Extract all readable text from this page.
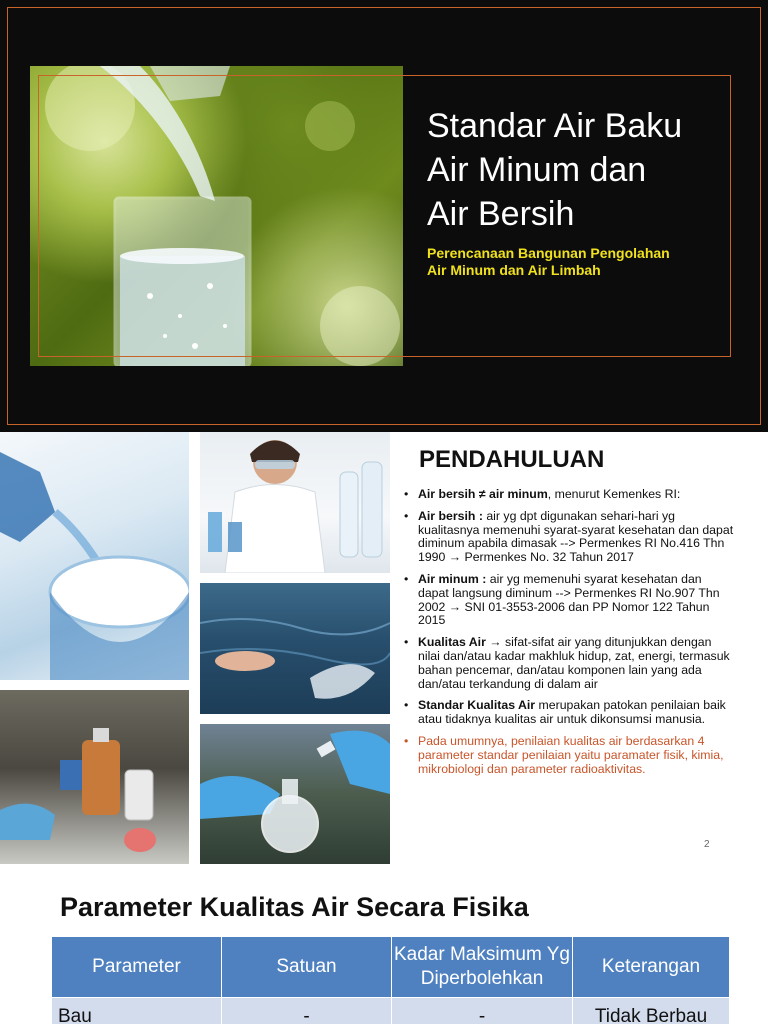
Standar Air Baku
Air Minum dan
Air Bersih
Perencanaan Bangunan Pengolahan
Air Minum dan Air Limbah
PENDAHULUAN
• Air bersih ≠ air minum, menurut Kemenkes RI:
• Air bersih : air yg dpt digunakan sehari-hari yg kualitasnya memenuhi syarat-syarat kesehatan dan dapat diminum apabila dimasak --> Permenkes RI No.416 Thn 1990 → Permenkes No. 32 Tahun 2017
• Air minum : air yg memenuhi syarat kesehatan dan dapat langsung diminum --> Permenkes RI No.907 Thn 2002 → SNI 01-3553-2006 dan PP Nomor 122 Tahun 2015
• Kualitas Air → sifat-sifat air yang ditunjukkan dengan nilai dan/atau kadar makhluk hidup, zat, energi, termasuk bahan pencemar, dan/atau komponen lain yang ada dan/atau terkandung di dalam air
• Standar Kualitas Air merupakan patokan penilaian baik atau tidaknya kualitas air untuk dikonsumsi manusia.
• Pada umumnya, penilaian kualitas air berdasarkan 4 parameter standar penilaian yaitu paramater fisik, kimia, mikrobiologi dan parameter radioaktivitas.
2
Parameter Kualitas Air Secara Fisika
Parameter	Satuan	Kadar Maksimum Yg Diperbolehkan	Keterangan
Bau	-	-	Tidak Berbau
